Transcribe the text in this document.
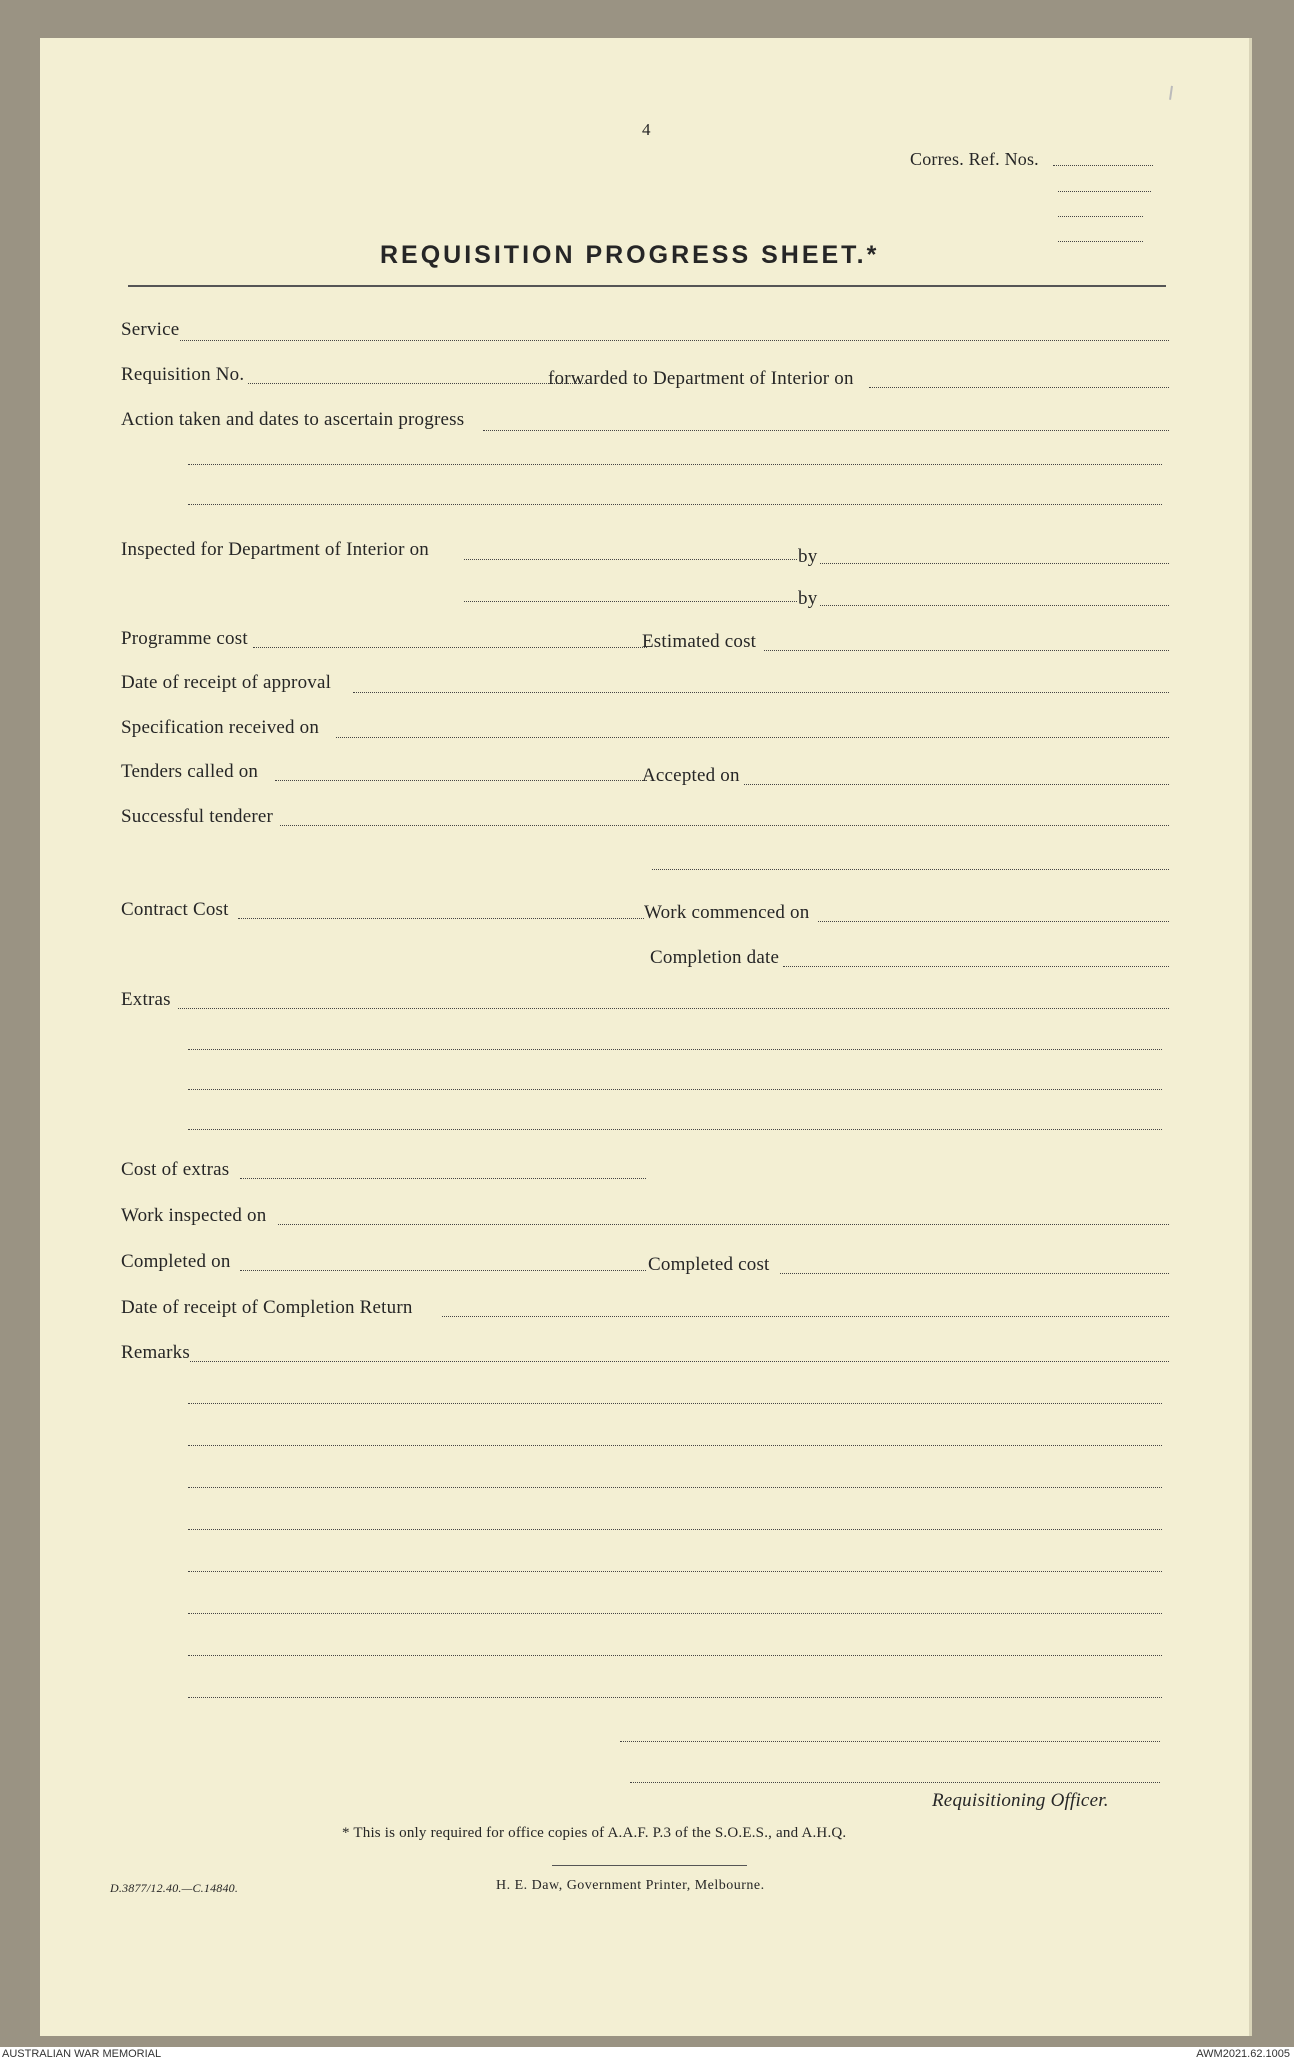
4
Corres. Ref. Nos.
REQUISITION PROGRESS SHEET.*
Service
Requisition No.	forwarded to Department of Interior on
Action taken and dates to ascertain progress
Inspected for Department of Interior on	by
by
Programme cost	Estimated cost
Date of receipt of approval
Specification received on
Tenders called on	Accepted on
Successful tenderer
Contract Cost	Work commenced on
Completion date
Extras
Cost of extras
Work inspected on
Completed on	Completed cost
Date of receipt of Completion Return
Remarks
Requisitioning Officer.
* This is only required for office copies of A.A.F. P.3 of the S.O.E.S., and A.H.Q.
D.3877/12.40.—C.14840.	H. E. Daw, Government Printer, Melbourne.
AUSTRALIAN WAR MEMORIAL	AWM2021.62.1005
